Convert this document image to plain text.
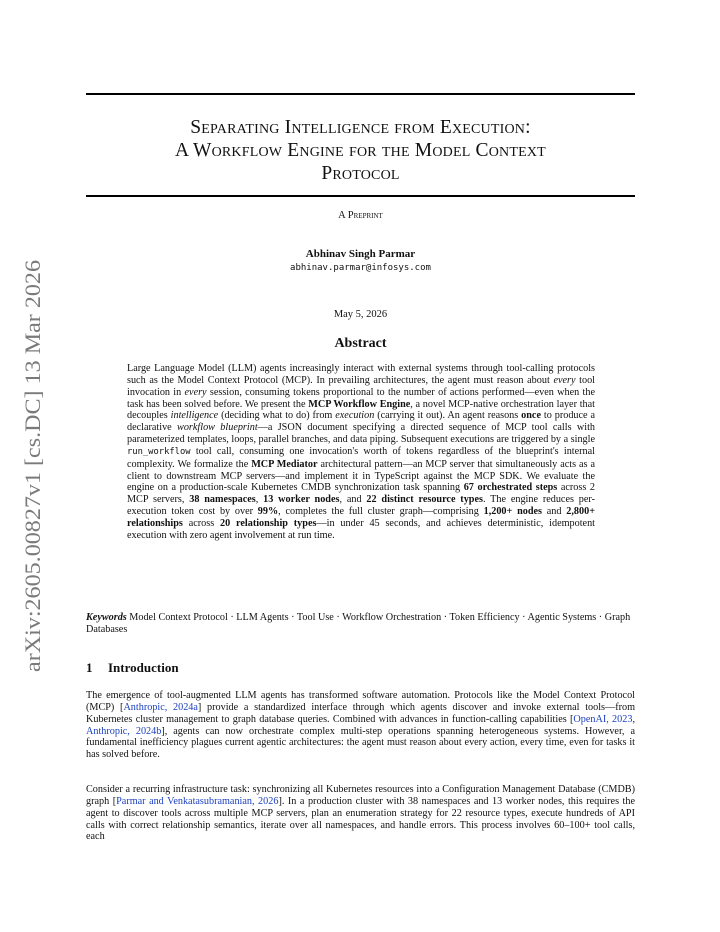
arXiv:2605.00827v1 [cs.DC] 13 Mar 2026
Separating Intelligence from Execution:
A Workflow Engine for the Model Context
Protocol
A Preprint
Abhinav Singh Parmar
abhinav.parmar@infosys.com
May 5, 2026
Abstract
Large Language Model (LLM) agents increasingly interact with external systems through tool-calling protocols such as the Model Context Protocol (MCP). In prevailing architectures, the agent must reason about every tool invocation in every session, consuming tokens proportional to the number of actions performed—even when the task has been solved before. We present the MCP Workflow Engine, a novel MCP-native orchestration layer that decouples intelligence (deciding what to do) from execution (carrying it out). An agent reasons once to produce a declarative workflow blueprint—a JSON document specifying a directed sequence of MCP tool calls with parameterized templates, loops, parallel branches, and data piping. Subsequent executions are triggered by a single run_workflow tool call, consuming one invocation's worth of tokens regardless of the blueprint's internal complexity. We formalize the MCP Mediator architectural pattern—an MCP server that simultaneously acts as a client to downstream MCP servers—and implement it in TypeScript against the MCP SDK. We evaluate the engine on a production-scale Kubernetes CMDB synchronization task spanning 67 orchestrated steps across 2 MCP servers, 38 namespaces, 13 worker nodes, and 22 distinct resource types. The engine reduces per-execution token cost by over 99%, completes the full cluster graph—comprising 1,200+ nodes and 2,800+ relationships across 20 relationship types—in under 45 seconds, and achieves deterministic, idempotent execution with zero agent involvement at run time.
Keywords Model Context Protocol · LLM Agents · Tool Use · Workflow Orchestration · Token Efficiency · Agentic Systems · Graph Databases
1 Introduction
The emergence of tool-augmented LLM agents has transformed software automation. Protocols like the Model Context Protocol (MCP) [Anthropic, 2024a] provide a standardized interface through which agents discover and invoke external tools—from Kubernetes cluster management to graph database queries. Combined with advances in function-calling capabilities [OpenAI, 2023, Anthropic, 2024b], agents can now orchestrate complex multi-step operations spanning heterogeneous systems. However, a fundamental inefficiency plagues current agentic architectures: the agent must reason about every action, every time, even for tasks it has solved before.
Consider a recurring infrastructure task: synchronizing all Kubernetes resources into a Configuration Management Database (CMDB) graph [Parmar and Venkatasubramanian, 2026]. In a production cluster with 38 namespaces and 13 worker nodes, this requires the agent to discover tools across multiple MCP servers, plan an enumeration strategy for 22 resource types, execute hundreds of API calls with correct relationship semantics, iterate over all namespaces, and handle errors. This process involves 60–100+ tool calls, each
